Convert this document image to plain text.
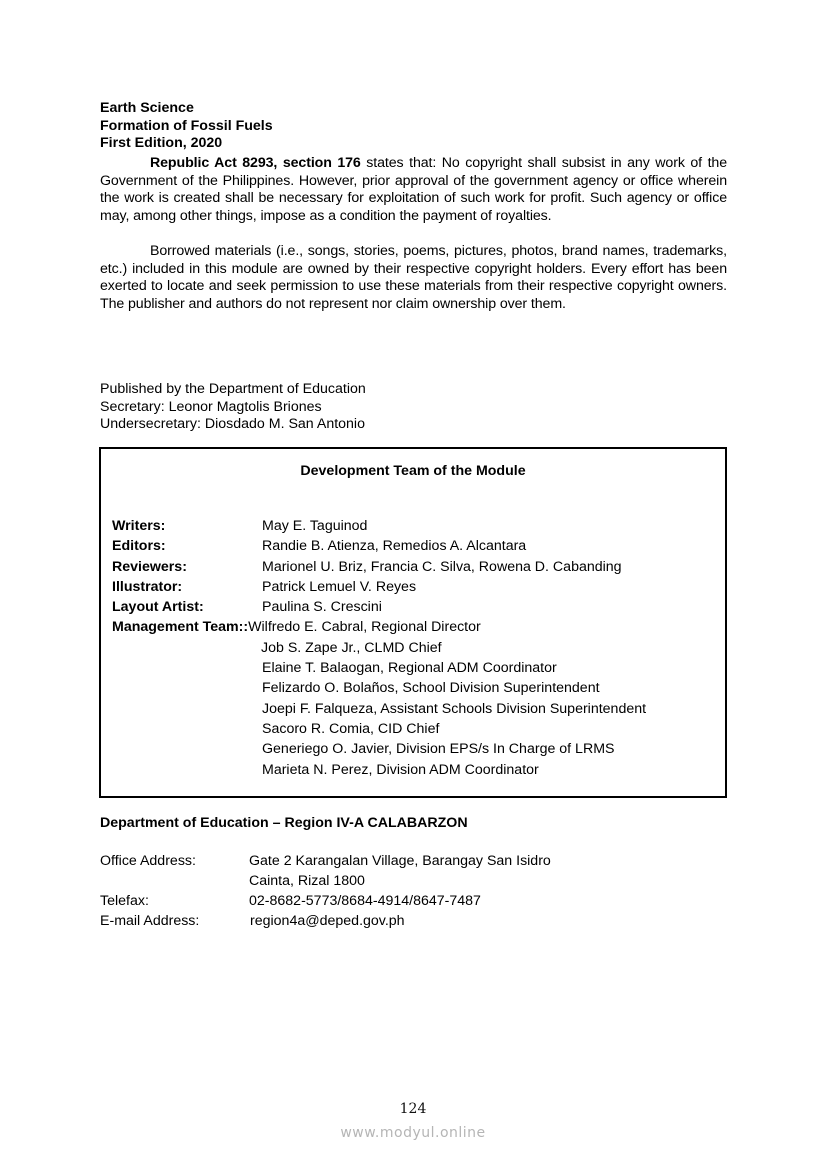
Earth Science
Formation of Fossil Fuels
First Edition, 2020

Republic Act 8293, section 176 states that: No copyright shall subsist in any work of the Government of the Philippines. However, prior approval of the government agency or office wherein the work is created shall be necessary for exploitation of such work for profit. Such agency or office may, among other things, impose as a condition the payment of royalties.

Borrowed materials (i.e., songs, stories, poems, pictures, photos, brand names, trademarks, etc.) included in this module are owned by their respective copyright holders. Every effort has been exerted to locate and seek permission to use these materials from their respective copyright owners. The publisher and authors do not represent nor claim ownership over them.

Published by the Department of Education
Secretary: Leonor Magtolis Briones
Undersecretary: Diosdado M. San Antonio
Development Team of the Module
Writers:	May E. Taguinod
Editors:	Randie B. Atienza, Remedios A. Alcantara
Reviewers:	Marionel U. Briz, Francia C. Silva, Rowena D. Cabanding
Illustrator:	Patrick Lemuel V. Reyes
Layout Artist:	Paulina S. Crescini
Management Team:: Wilfredo E. Cabral, Regional Director
Job S. Zape Jr., CLMD Chief
Elaine T. Balaogan, Regional ADM Coordinator
Felizardo O. Bolaños, School Division Superintendent
Joepi F. Falqueza, Assistant Schools Division Superintendent
Sacoro R. Comia, CID Chief
Generiego O. Javier, Division EPS/s In Charge of LRMS
Marieta N. Perez, Division ADM Coordinator
Department of Education – Region IV-A CALABARZON
Office Address:	Gate 2 Karangalan Village, Barangay San Isidro
Cainta, Rizal 1800
Telefax:	02-8682-5773/8684-4914/8647-7487
E-mail Address:	region4a@deped.gov.ph
124
www.modyul.online
